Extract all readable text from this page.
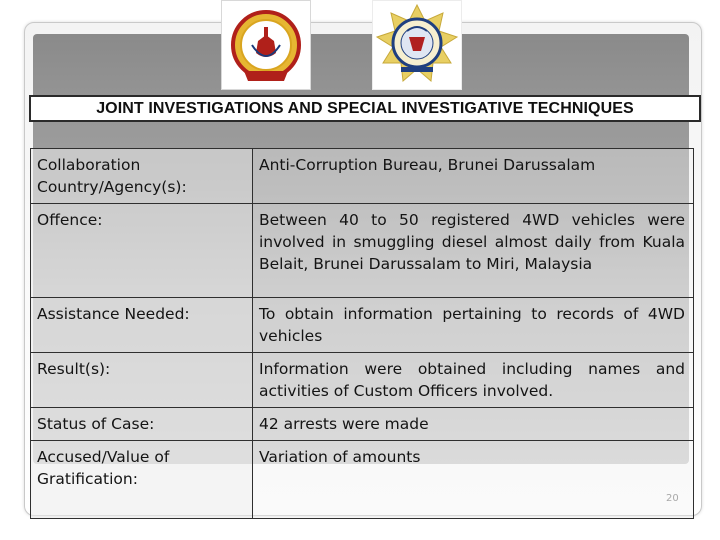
JOINT INVESTIGATIONS AND SPECIAL INVESTIGATIVE TECHNIQUES
Collaboration Country/Agency(s):	Anti-Corruption Bureau, Brunei Darussalam
Offence:	Between 40 to 50 registered 4WD vehicles were involved in smuggling diesel almost daily from Kuala Belait, Brunei Darussalam to Miri, Malaysia
Assistance Needed:	To obtain information pertaining to records of 4WD vehicles
Result(s):	Information were obtained including names and activities of Custom Officers involved.
Status of Case:	42 arrests were made
Accused/Value of Gratification:	Variation of amounts
20
